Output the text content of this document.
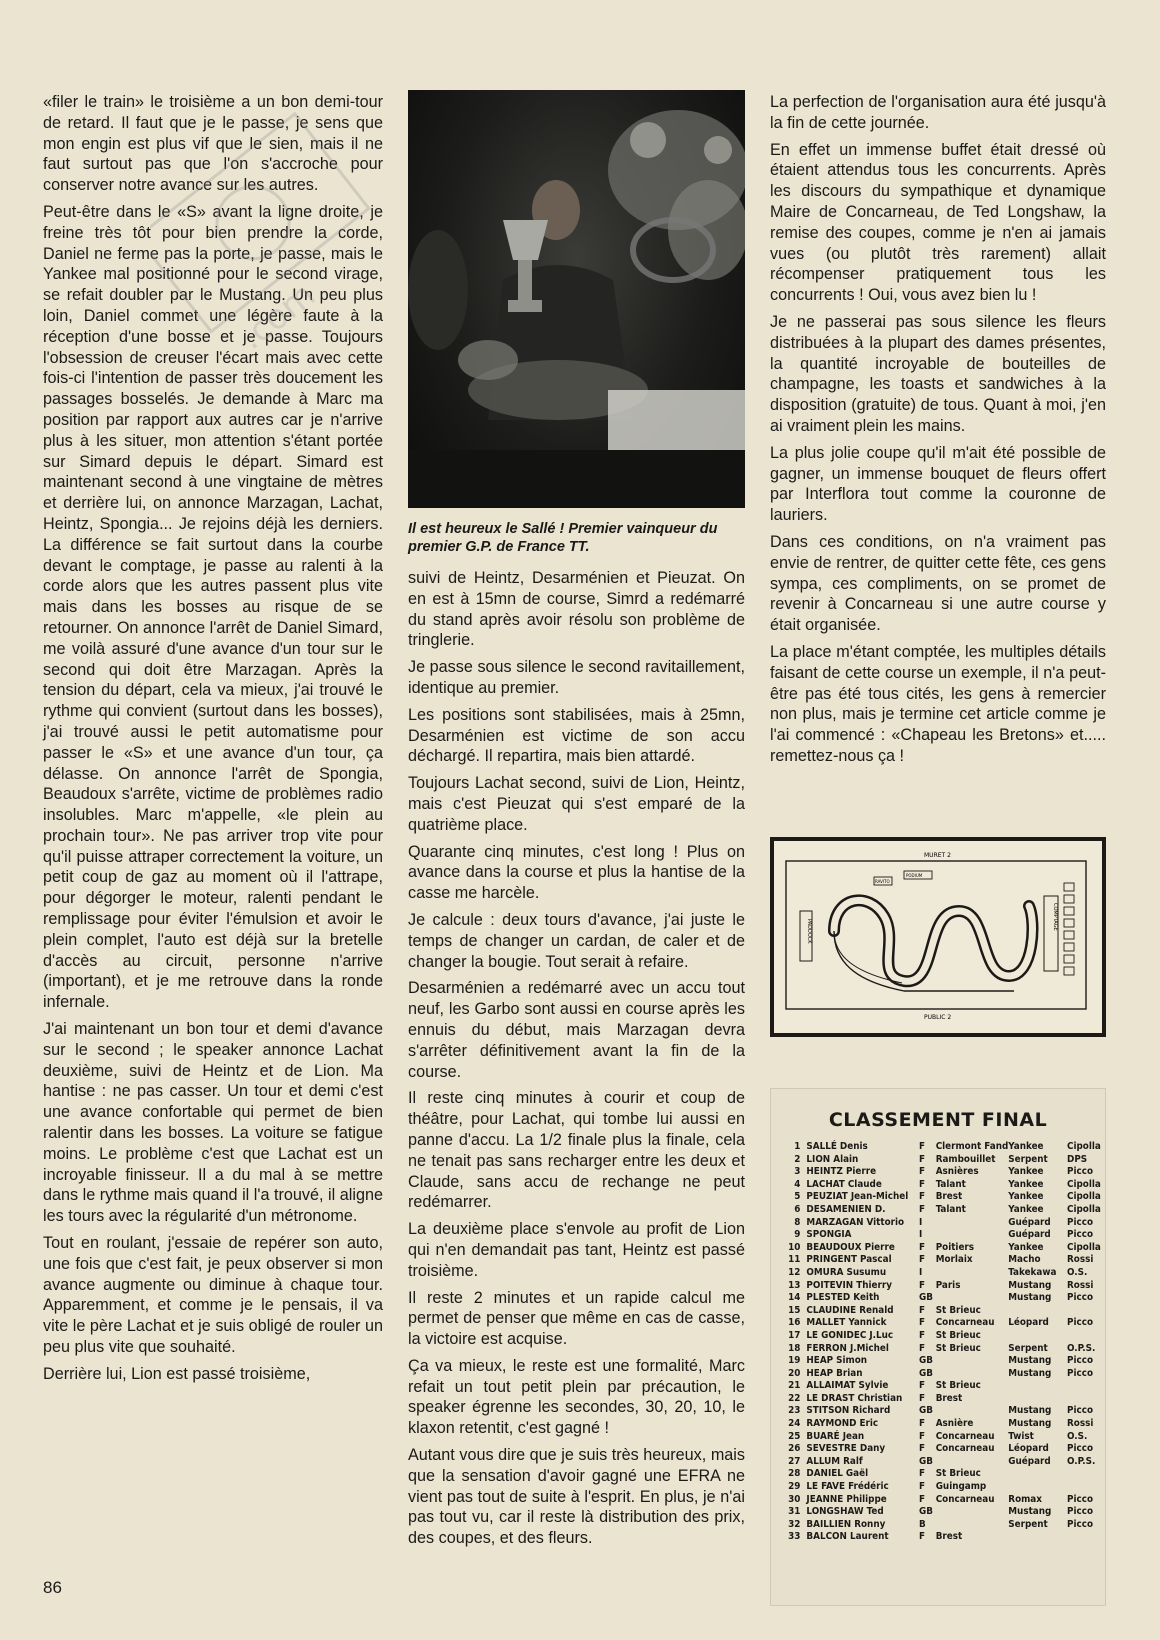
«filer le train» le troisième a un bon demi-tour de retard. Il faut que je le passe, je sens que mon engin est plus vif que le sien, mais il ne faut surtout pas que l'on s'accroche pour conserver notre avance sur les autres.

Peut-être dans le «S» avant la ligne droite, je freine très tôt pour bien prendre la corde, Daniel ne ferme pas la porte, je passe, mais le Yankee mal positionné pour le second virage, se refait doubler par le Mustang. Un peu plus loin, Daniel commet une légère faute à la réception d'une bosse et je passe. Toujours l'obsession de creuser l'écart mais avec cette fois-ci l'intention de passer très doucement les passages bosselés. Je demande à Marc ma position par rapport aux autres car je n'arrive plus à les situer, mon attention s'étant portée sur Simard depuis le départ. Simard est maintenant second à une vingtaine de mètres et derrière lui, on annonce Marzagan, Lachat, Heintz, Spongia... Je rejoins déjà les derniers. La différence se fait surtout dans la courbe devant le comptage, je passe au ralenti à la corde alors que les autres passent plus vite mais dans les bosses au risque de se retourner. On annonce l'arrêt de Daniel Simard, me voilà assuré d'une avance d'un tour sur le second qui doit être Marzagan. Après la tension du départ, cela va mieux, j'ai trouvé le rythme qui convient (surtout dans les bosses), j'ai trouvé aussi le petit automatisme pour passer le «S» et une avance d'un tour, ça délasse. On annonce l'arrêt de Spongia, Beaudoux s'arrête, victime de problèmes radio insolubles. Marc m'appelle, «le plein au prochain tour». Ne pas arriver trop vite pour qu'il puisse attraper correctement la voiture, un petit coup de gaz au moment où il l'attrape, pour dégorger le moteur, ralenti pendant le remplissage pour éviter l'émulsion et avoir le plein complet, l'auto est déjà sur la bretelle d'accès au circuit, personne n'arrive (important), et je me retrouve dans la ronde infernale.

J'ai maintenant un bon tour et demi d'avance sur le second ; le speaker annonce Lachat deuxième, suivi de Heintz et de Lion. Ma hantise : ne pas casser. Un tour et demi c'est une avance confortable qui permet de bien ralentir dans les bosses. La voiture se fatigue moins. Le problème c'est que Lachat est un incroyable finisseur. Il a du mal à se mettre dans le rythme mais quand il l'a trouvé, il aligne les tours avec la régularité d'un métronome.

Tout en roulant, j'essaie de repérer son auto, une fois que c'est fait, je peux observer si mon avance augmente ou diminue à chaque tour. Apparemment, et comme je le pensais, il va vite le père Lachat et je suis obligé de rouler un peu plus vite que souhaité.

Derrière lui, Lion est passé troisième,

Il est heureux le Sallé ! Premier vainqueur du premier G.P. de France TT.

suivi de Heintz, Desarménien et Pieuzat. On en est à 15mn de course, Simrd a redémarré du stand après avoir résolu son problème de tringlerie.

Je passe sous silence le second ravitaillement, identique au premier.

Les positions sont stabilisées, mais à 25mn, Desarménien est victime de son accu déchargé. Il repartira, mais bien attardé.

Toujours Lachat second, suivi de Lion, Heintz, mais c'est Pieuzat qui s'est emparé de la quatrième place.

Quarante cinq minutes, c'est long ! Plus on avance dans la course et plus la hantise de la casse me harcèle.

Je calcule : deux tours d'avance, j'ai juste le temps de changer un cardan, de caler et de changer la bougie. Tout serait à refaire.

Desarménien a redémarré avec un accu tout neuf, les Garbo sont aussi en course après les ennuis du début, mais Marzagan devra s'arrêter définitivement avant la fin de la course.

Il reste cinq minutes à courir et coup de théâtre, pour Lachat, qui tombe lui aussi en panne d'accu. La 1/2 finale plus la finale, cela ne tenait pas sans recharger entre les deux et Claude, sans accu de rechange ne peut redémarrer.

La deuxième place s'envole au profit de Lion qui n'en demandait pas tant, Heintz est passé troisième.

Il reste 2 minutes et un rapide calcul me permet de penser que même en cas de casse, la victoire est acquise.

Ça va mieux, le reste est une formalité, Marc refait un tout petit plein par précaution, le speaker égrenne les secondes, 30, 20, 10, le klaxon retentit, c'est gagné !

Autant vous dire que je suis très heureux, mais que la sensation d'avoir gagné une EFRA ne vient pas tout de suite à l'esprit. En plus, je n'ai pas tout vu, car il reste là distribution des prix, des coupes, et des fleurs.

La perfection de l'organisation aura été jusqu'à la fin de cette journée.

En effet un immense buffet était dressé où étaient attendus tous les concurrents. Après les discours du sympathique et dynamique Maire de Concarneau, de Ted Longshaw, la remise des coupes, comme je n'en ai jamais vues (ou plutôt très rarement) allait récompenser pratiquement tous les concurrents ! Oui, vous avez bien lu !

Je ne passerai pas sous silence les fleurs distribuées à la plupart des dames présentes, la quantité incroyable de bouteilles de champagne, les toasts et sandwiches à la disposition (gratuite) de tous. Quant à moi, j'en ai vraiment plein les mains.

La plus jolie coupe qu'il m'ait été possible de gagner, un immense bouquet de fleurs offert par Interflora tout comme la couronne de lauriers.

Dans ces conditions, on n'a vraiment pas envie de rentrer, de quitter cette fête, ces gens sympa, ces compliments, on se promet de revenir à Concarneau si une autre course y était organisée.

La place m'étant comptée, les multiples détails faisant de cette course un exemple, il n'a peut-être pas été tous cités, les gens à remercier non plus, mais je termine cet article comme je l'ai commencé : «Chapeau les Bretons» et..... remettez-nous ça !

MURET 2
PUBLIC 2
PADDOCK
COMPTAGE
RAVITO
PODIUM
CLASSEMENT FINAL
1	SALLÉ Denis	F	Clermont Fand	Yankee	Cipolla
2	LION Alain	F	Rambouillet	Serpent	DPS
3	HEINTZ Pierre	F	Asnières	Yankee	Picco
4	LACHAT Claude	F	Talant	Yankee	Cipolla
5	PEUZIAT Jean-Michel	F	Brest	Yankee	Cipolla
6	DESAMENIEN D.	F	Talant	Yankee	Cipolla
8	MARZAGAN Vittorio	I		Guépard	Picco
9	SPONGIA	I		Guépard	Picco
10	BEAUDOUX Pierre	F	Poitiers	Yankee	Cipolla
11	PRINGENT Pascal	F	Morlaix	Macho	Rossi
12	OMURA Susumu	I		Takekawa	O.S.
13	POITEVIN Thierry	F	Paris	Mustang	Rossi
14	PLESTED Keith	GB		Mustang	Picco
15	CLAUDINE Renald	F	St Brieuc		
16	MALLET Yannick	F	Concarneau	Léopard	Picco
17	LE GONIDEC J.Luc	F	St Brieuc		
18	FERRON J.Michel	F	St Brieuc	Serpent	O.P.S.
19	HEAP Simon	GB		Mustang	Picco
20	HEAP Brian	GB		Mustang	Picco
21	ALLAIMAT Sylvie	F	St Brieuc		
22	LE DRAST Christian	F	Brest		
23	STITSON Richard	GB		Mustang	Picco
24	RAYMOND Eric	F	Asnière	Mustang	Rossi
25	BUARÉ Jean	F	Concarneau	Twist	O.S.
26	SEVESTRE Dany	F	Concarneau	Léopard	Picco
27	ALLUM Ralf	GB		Guépard	O.P.S.
28	DANIEL Gaël	F	St Brieuc		
29	LE FAVE Frédéric	F	Guingamp		
30	JEANNE Philippe	F	Concarneau	Romax	Picco
31	LONGSHAW Ted	GB		Mustang	Picco
32	BAILLIEN Ronny	B		Serpent	Picco
33	BALCON Laurent	F	Brest		
86
.com
